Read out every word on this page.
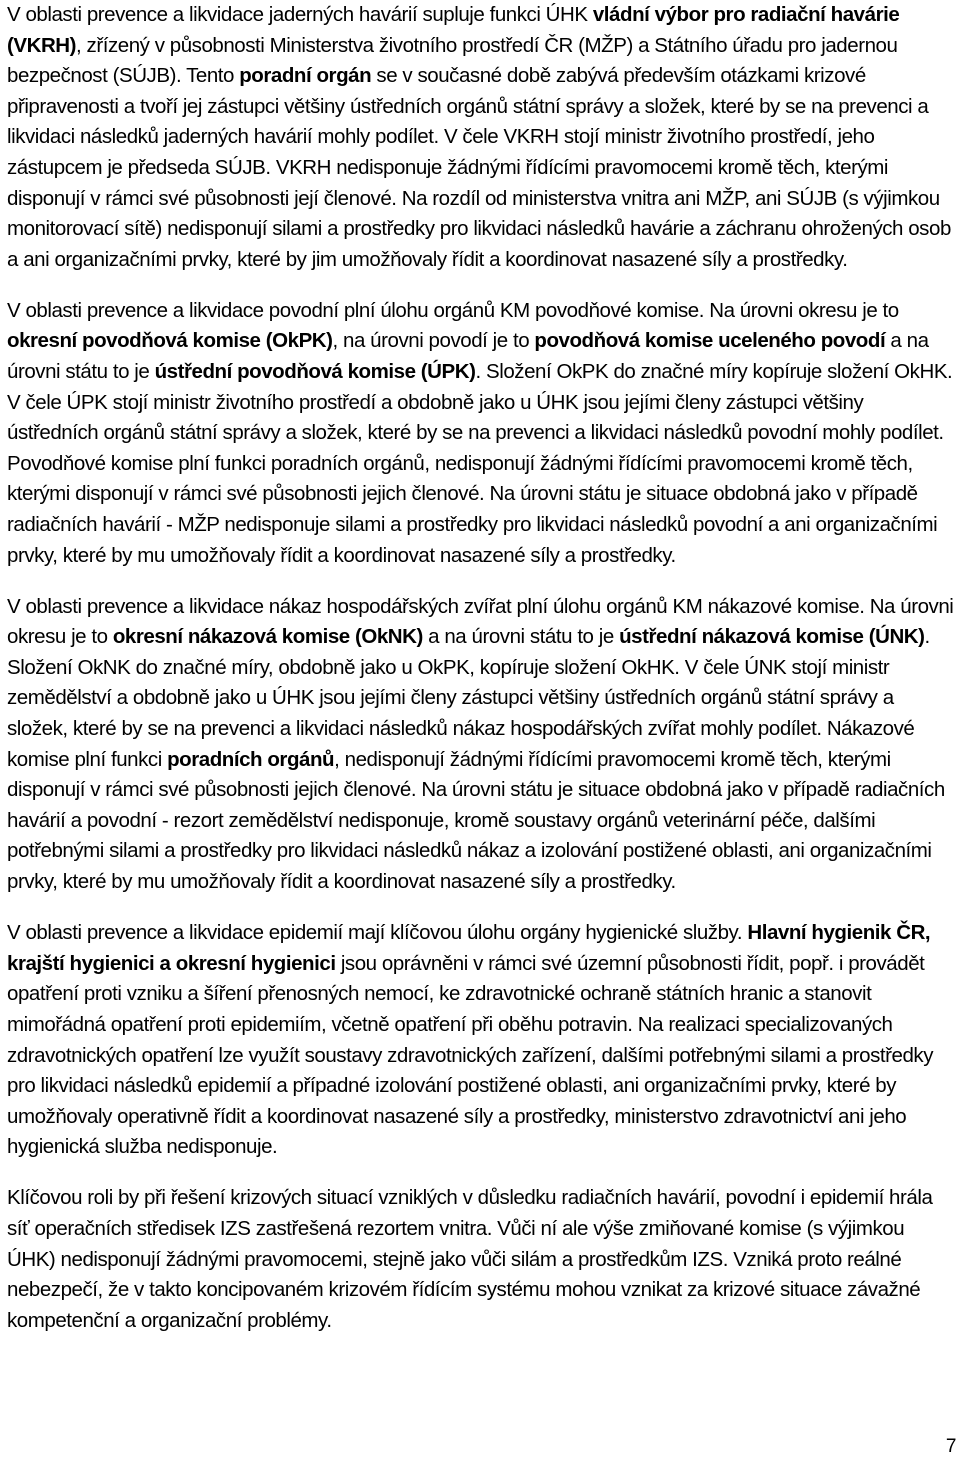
V oblasti prevence a likvidace jaderných havárií supluje funkci ÚHK vládní výbor pro radiační havárie (VKRH), zřízený v působnosti Ministerstva životního prostředí ČR (MŽP) a Státního úřadu pro jadernou bezpečnost (SÚJB). Tento poradní orgán se v současné době zabývá především otázkami krizové připravenosti a tvoří jej zástupci většiny ústředních orgánů státní správy a složek, které by se na prevenci a likvidaci následků jaderných havárií mohly podílet. V čele VKRH stojí ministr životního prostředí, jeho zástupcem je předseda SÚJB. VKRH nedisponuje žádnými řídícími pravomocemi kromě těch, kterými disponují v rámci své působnosti její členové. Na rozdíl od ministerstva vnitra ani MŽP, ani SÚJB (s výjimkou monitorovací sítě) nedisponují silami a prostředky pro likvidaci následků havárie a záchranu ohrožených osob a ani organizačními prvky, které by jim umožňovaly řídit a koordinovat nasazené síly a prostředky.

V oblasti prevence a likvidace povodní plní úlohu orgánů KM povodňové komise. Na úrovni okresu je to okresní povodňová komise (OkPK), na úrovni povodí je to povodňová komise uceleného povodí a na úrovni státu to je ústřední povodňová komise (ÚPK). Složení OkPK do značné míry kopíruje složení OkHK. V čele ÚPK stojí ministr životního prostředí a obdobně jako u ÚHK jsou jejími členy zástupci většiny ústředních orgánů státní správy a složek, které by se na prevenci a likvidaci následků povodní mohly podílet. Povodňové komise plní funkci poradních orgánů, nedisponují žádnými řídícími pravomocemi kromě těch, kterými disponují v rámci své působnosti jejich členové. Na úrovni státu je situace obdobná jako v případě radiačních havárií - MŽP nedisponuje silami a prostředky pro likvidaci následků povodní a ani organizačními prvky, které by mu umožňovaly řídit a koordinovat nasazené síly a prostředky.

V oblasti prevence a likvidace nákaz hospodářských zvířat plní úlohu orgánů KM nákazové komise. Na úrovni okresu je to okresní nákazová komise (OkNK) a na úrovni státu to je ústřední nákazová komise (ÚNK). Složení OkNK do značné míry, obdobně jako u OkPK, kopíruje složení OkHK. V čele ÚNK stojí ministr zemědělství a obdobně jako u ÚHK jsou jejími členy zástupci většiny ústředních orgánů státní správy a složek, které by se na prevenci a likvidaci následků nákaz hospodářských zvířat mohly podílet. Nákazové komise plní funkci poradních orgánů, nedisponují žádnými řídícími pravomocemi kromě těch, kterými disponují v rámci své působnosti jejich členové. Na úrovni státu je situace obdobná jako v případě radiačních havárií a povodní - rezort zemědělství nedisponuje, kromě soustavy orgánů veterinární péče, dalšími potřebnými silami a prostředky pro likvidaci následků nákaz a izolování postižené oblasti, ani organizačními prvky, které by mu umožňovaly řídit a koordinovat nasazené síly a prostředky.

V oblasti prevence a likvidace epidemií mají klíčovou úlohu orgány hygienické služby. Hlavní hygienik ČR, krajští hygienici a okresní hygienici jsou oprávněni v rámci své územní působnosti řídit, popř. i provádět opatření proti vzniku a šíření přenosných nemocí, ke zdravotnické ochraně státních hranic a stanovit mimořádná opatření proti epidemiím, včetně opatření při oběhu potravin. Na realizaci specializovaných zdravotnických opatření lze využít soustavy zdravotnických zařízení, dalšími potřebnými silami a prostředky pro likvidaci následků epidemií a případné izolování postižené oblasti, ani organizačními prvky, které by umožňovaly operativně řídit a koordinovat nasazené síly a prostředky, ministerstvo zdravotnictví ani jeho hygienická služba nedisponuje.

Klíčovou roli by při řešení krizových situací vzniklých v důsledku radiačních havárií, povodní i epidemií hrála síť operačních středisek IZS zastřešená rezortem vnitra. Vůči ní ale výše zmiňované komise (s výjimkou ÚHK) nedisponují žádnými pravomocemi, stejně jako vůči silám a prostředkům IZS. Vzniká proto reálné nebezpečí, že v takto koncipovaném krizovém řídícím systému mohou vznikat za krizové situace závažné kompetenční a organizační problémy.

7
